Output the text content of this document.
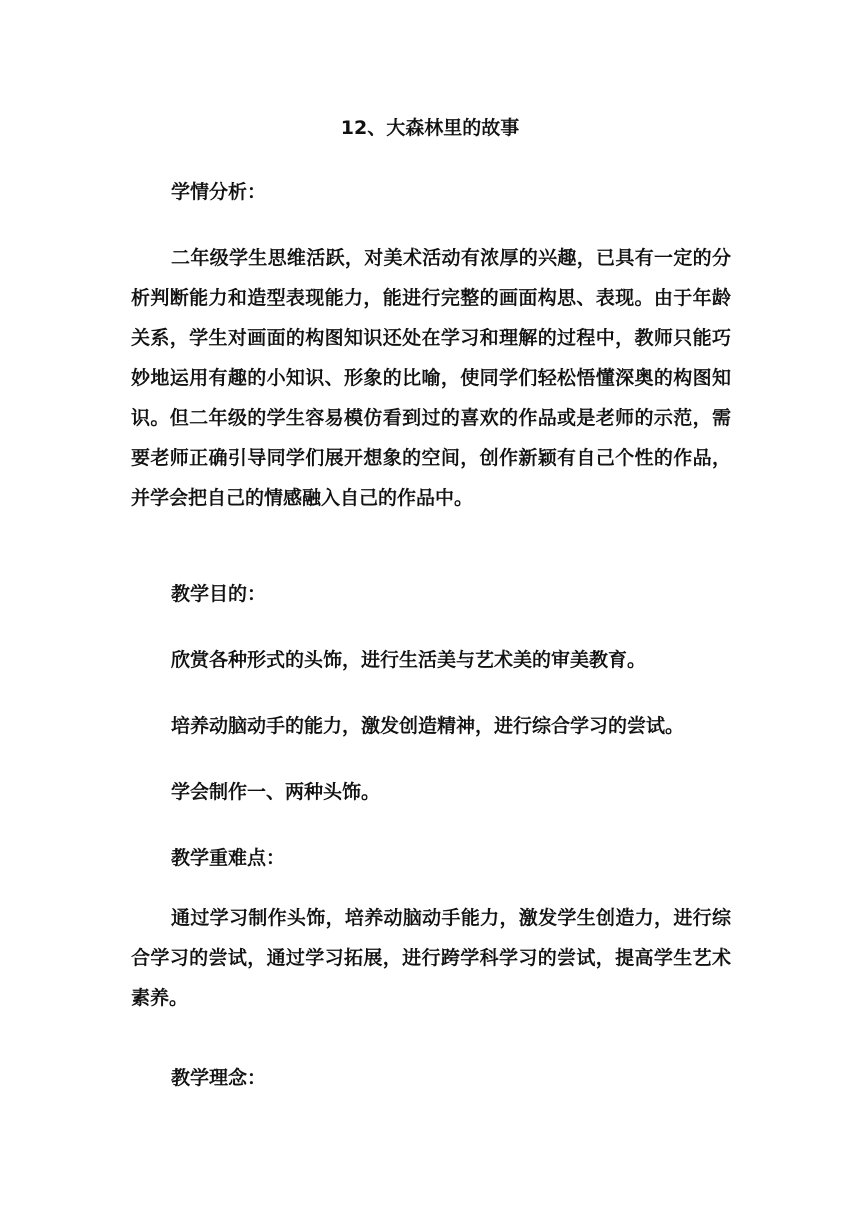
12、大森林里的故事
学情分析：
二年级学生思维活跃，对美术活动有浓厚的兴趣，已具有一定的分析判断能力和造型表现能力，能进行完整的画面构思、表现。由于年龄关系，学生对画面的构图知识还处在学习和理解的过程中，教师只能巧妙地运用有趣的小知识、形象的比喻，使同学们轻松悟懂深奥的构图知识。但二年级的学生容易模仿看到过的喜欢的作品或是老师的示范，需要老师正确引导同学们展开想象的空间，创作新颖有自己个性的作品，并学会把自己的情感融入自己的作品中。
教学目的：
欣赏各种形式的头饰，进行生活美与艺术美的审美教育。
培养动脑动手的能力，激发创造精神，进行综合学习的尝试。
学会制作一、两种头饰。
教学重难点：
通过学习制作头饰，培养动脑动手能力，激发学生创造力，进行综合学习的尝试，通过学习拓展，进行跨学科学习的尝试，提高学生艺术素养。
教学理念：
